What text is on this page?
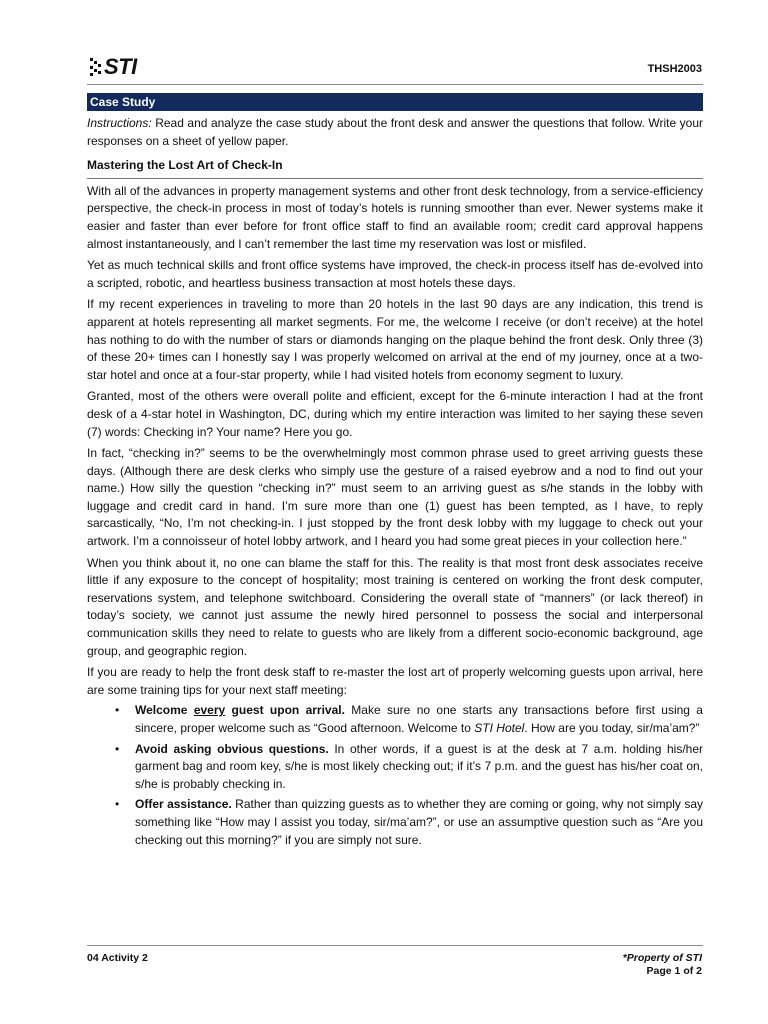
STI	THSH2003
Case Study
Instructions: Read and analyze the case study about the front desk and answer the questions that follow. Write your responses on a sheet of yellow paper.
Mastering the Lost Art of Check-In

With all of the advances in property management systems and other front desk technology, from a service-efficiency perspective, the check-in process in most of today’s hotels is running smoother than ever. Newer systems make it easier and faster than ever before for front office staff to find an available room; credit card approval happens almost instantaneously, and I can’t remember the last time my reservation was lost or misfiled.

Yet as much technical skills and front office systems have improved, the check-in process itself has de-evolved into a scripted, robotic, and heartless business transaction at most hotels these days.

If my recent experiences in traveling to more than 20 hotels in the last 90 days are any indication, this trend is apparent at hotels representing all market segments. For me, the welcome I receive (or don’t receive) at the hotel has nothing to do with the number of stars or diamonds hanging on the plaque behind the front desk. Only three (3) of these 20+ times can I honestly say I was properly welcomed on arrival at the end of my journey, once at a two-star hotel and once at a four-star property, while I had visited hotels from economy segment to luxury.

Granted, most of the others were overall polite and efficient, except for the 6-minute interaction I had at the front desk of a 4-star hotel in Washington, DC, during which my entire interaction was limited to her saying these seven (7) words: Checking in? Your name? Here you go.

In fact, “checking in?” seems to be the overwhelmingly most common phrase used to greet arriving guests these days. (Although there are desk clerks who simply use the gesture of a raised eyebrow and a nod to find out your name.) How silly the question “checking in?” must seem to an arriving guest as s/he stands in the lobby with luggage and credit card in hand. I’m sure more than one (1) guest has been tempted, as I have, to reply sarcastically, “No, I’m not checking-in. I just stopped by the front desk lobby with my luggage to check out your artwork. I’m a connoisseur of hotel lobby artwork, and I heard you had some great pieces in your collection here.”

When you think about it, no one can blame the staff for this. The reality is that most front desk associates receive little if any exposure to the concept of hospitality; most training is centered on working the front desk computer, reservations system, and telephone switchboard. Considering the overall state of “manners” (or lack thereof) in today’s society, we cannot just assume the newly hired personnel to possess the social and interpersonal communication skills they need to relate to guests who are likely from a different socio-economic background, age group, and geographic region.

If you are ready to help the front desk staff to re-master the lost art of properly welcoming guests upon arrival, here are some training tips for your next staff meeting:

• Welcome every guest upon arrival. Make sure no one starts any transactions before first using a sincere, proper welcome such as “Good afternoon. Welcome to STI Hotel. How are you today, sir/ma’am?”
• Avoid asking obvious questions. In other words, if a guest is at the desk at 7 a.m. holding his/her garment bag and room key, s/he is most likely checking out; if it’s 7 p.m. and the guest has his/her coat on, s/he is probably checking in.
• Offer assistance. Rather than quizzing guests as to whether they are coming or going, why not simply say something like “How may I assist you today, sir/ma’am?”, or use an assumptive question such as “Are you checking out this morning?” if you are simply not sure.
04 Activity 2	*Property of STI
Page 1 of 2
